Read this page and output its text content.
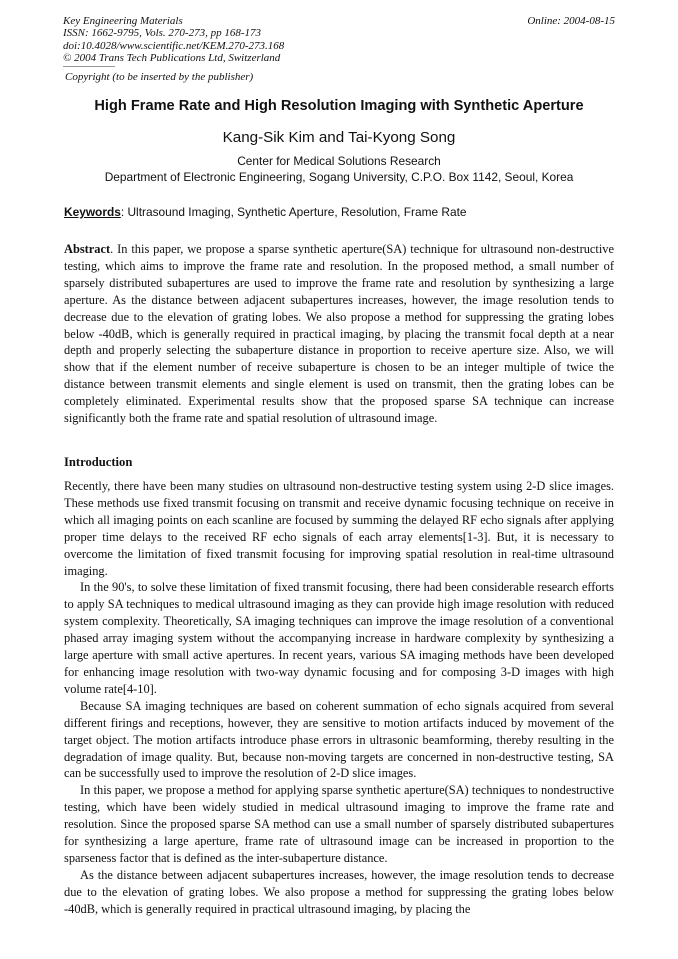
Key Engineering Materials
ISSN: 1662-9795, Vols. 270-273, pp 168-173
doi:10.4028/www.scientific.net/KEM.270-273.168
© 2004 Trans Tech Publications Ltd, Switzerland
Online: 2004-08-15
Copyright (to be inserted by the publisher)
High Frame Rate and High Resolution Imaging with Synthetic Aperture
Kang-Sik Kim and Tai-Kyong Song
Center for Medical Solutions Research
Department of Electronic Engineering, Sogang University, C.P.O. Box 1142, Seoul, Korea
Keywords: Ultrasound Imaging, Synthetic Aperture, Resolution, Frame Rate

Abstract. In this paper, we propose a sparse synthetic aperture(SA) technique for ultrasound non-destructive testing, which aims to improve the frame rate and resolution. In the proposed method, a small number of sparsely distributed subapertures are used to improve the frame rate and resolution by synthesizing a large aperture. As the distance between adjacent subapertures increases, however, the image resolution tends to decrease due to the elevation of grating lobes. We also propose a method for suppressing the grating lobes below -40dB, which is generally required in practical imaging, by placing the transmit focal depth at a near depth and properly selecting the subaperture distance in proportion to receive aperture size. Also, we will show that if the element number of receive subaperture is chosen to be an integer multiple of twice the distance between transmit elements and single element is used on transmit, then the grating lobes can be completely eliminated. Experimental results show that the proposed sparse SA technique can increase significantly both the frame rate and spatial resolution of ultrasound image.

Introduction

Recently, there have been many studies on ultrasound non-destructive testing system using 2-D slice images. These methods use fixed transmit focusing on transmit and receive dynamic focusing technique on receive in which all imaging points on each scanline are focused by summing the delayed RF echo signals after applying proper time delays to the received RF echo signals of each array elements[1-3]. But, it is necessary to overcome the limitation of fixed transmit focusing for improving spatial resolution in real-time ultrasound imaging.

In the 90's, to solve these limitation of fixed transmit focusing, there had been considerable research efforts to apply SA techniques to medical ultrasound imaging as they can provide high image resolution with reduced system complexity. Theoretically, SA imaging techniques can improve the image resolution of a conventional phased array imaging system without the accompanying increase in hardware complexity by synthesizing a large aperture with small active apertures. In recent years, various SA imaging methods have been developed for enhancing image resolution with two-way dynamic focusing and for composing 3-D images with high volume rate[4-10].

Because SA imaging techniques are based on coherent summation of echo signals acquired from several different firings and receptions, however, they are sensitive to motion artifacts induced by movement of the target object. The motion artifacts introduce phase errors in ultrasonic beamforming, thereby resulting in the degradation of image quality. But, because non-moving targets are concerned in non-destructive testing, SA can be successfully used to improve the resolution of 2-D slice images.

In this paper, we propose a method for applying sparse synthetic aperture(SA) techniques to nondestructive testing, which have been widely studied in medical ultrasound imaging to improve the frame rate and resolution. Since the proposed sparse SA method can use a small number of sparsely distributed subapertures for synthesizing a large aperture, frame rate of ultrasound image can be increased in proportion to the sparseness factor that is defined as the inter-subaperture distance.

As the distance between adjacent subapertures increases, however, the image resolution tends to decrease due to the elevation of grating lobes. We also propose a method for suppressing the grating lobes below -40dB, which is generally required in practical ultrasound imaging, by placing the
